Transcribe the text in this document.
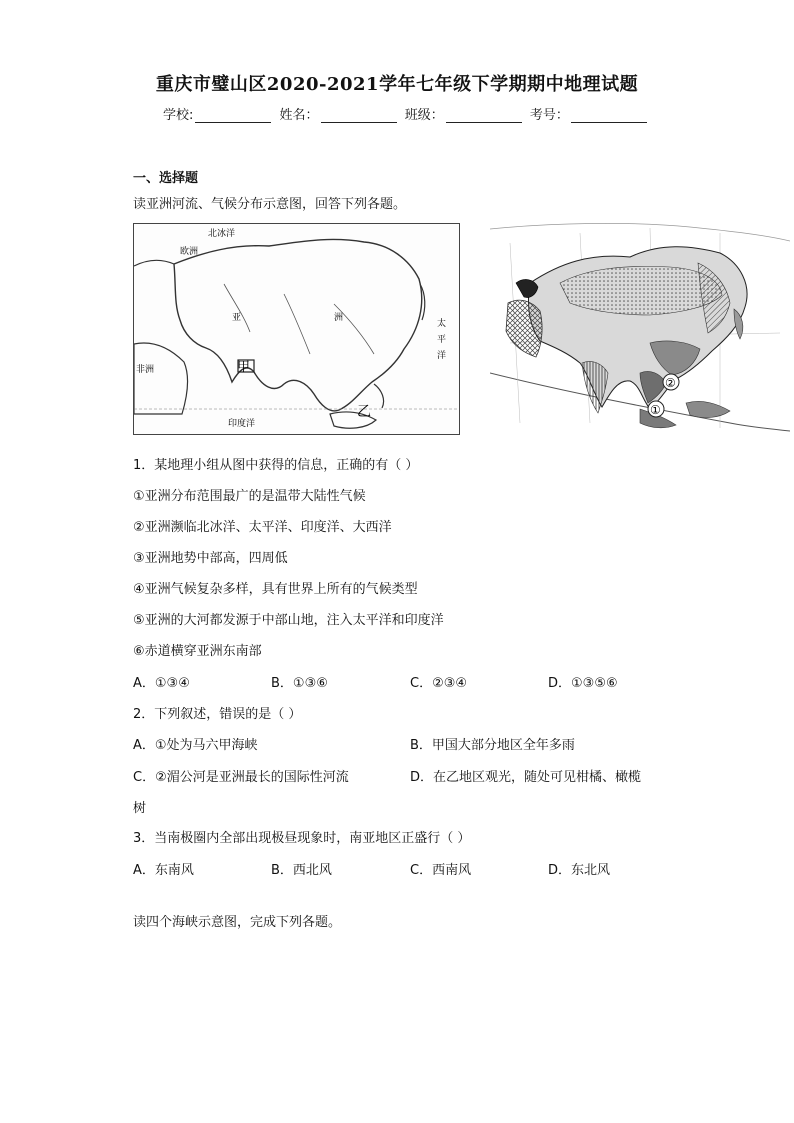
重庆市璧山区2020-2021学年七年级下学期期中地理试题
学校:	姓名：	班级：	考号：
一、选择题
读亚洲河流、气候分布示意图，回答下列各题。
北冰洋
欧洲
亚	洲
太
平
洋
非洲	甲
乙
印度洋
②
①
1．某地理小组从图中获得的信息，正确的有（ ）
①亚洲分布范围最广的是温带大陆性气候
②亚洲濒临北冰洋、太平洋、印度洋、大西洋
③亚洲地势中部高，四周低
④亚洲气候复杂多样，具有世界上所有的气候类型
⑤亚洲的大河都发源于中部山地，注入太平洋和印度洋
⑥赤道横穿亚洲东南部
A．①③④	B．①③⑥	C．②③④	D．①③⑤⑥
2．下列叙述，错误的是（ ）
A．①处为马六甲海峡	B．甲国大部分地区全年多雨
C．②湄公河是亚洲最长的国际性河流	D．在乙地区观光，随处可见柑橘、橄榄
树
3．当南极圈内全部出现极昼现象时，南亚地区正盛行（ ）
A．东南风	B．西北风	C．西南风	D．东北风
读四个海峡示意图，完成下列各题。
